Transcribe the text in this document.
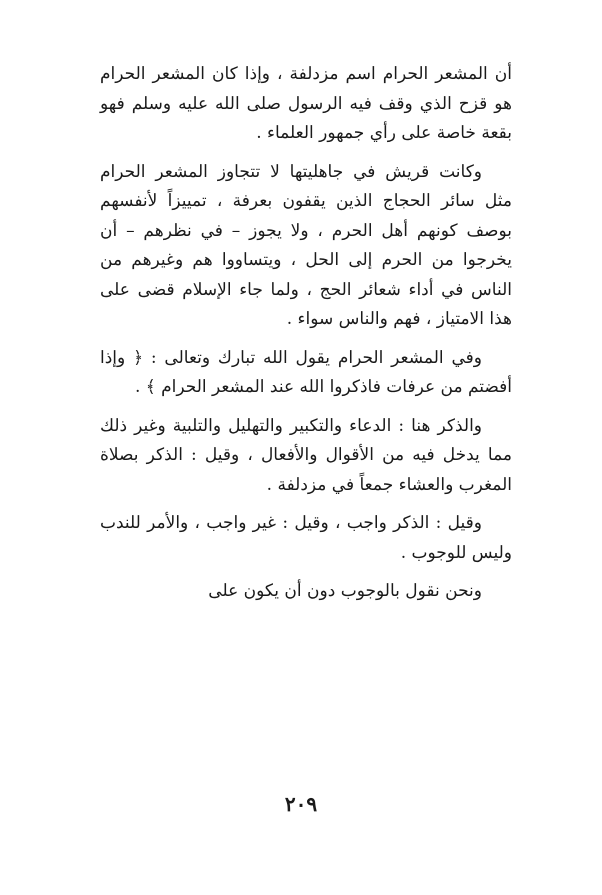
أن المشعر الحرام اسم مزدلفة ، وإذا كان المشعر الحرام هو قزح الذي وقف فيه الرسول صلى الله عليه وسلم فهو بقعة خاصة على رأي جمهور العلماء .

وكانت قريش في جاهليتها لا تتجاوز المشعر الحرام مثل سائر الحجاج الذين يقفون بعرفة ، تمييزاً لأنفسهم بوصف كونهم أهل الحرم ، ولا يجوز – في نظرهم – أن يخرجوا من الحرم إلى الحل ، ويتساووا هم وغيرهم من الناس في أداء شعائر الحج ، ولما جاء الإسلام قضى على هذا الامتياز ، فهم والناس سواء .

وفي المشعر الحرام يقول الله تبارك وتعالى : ﴿ وإذا أفضتم من عرفات فاذكروا الله عند المشعر الحرام ﴾ .

والذكر هنا : الدعاء والتكبير والتهليل والتلبية وغير ذلك مما يدخل فيه من الأقوال والأفعال ، وقيل : الذكر بصلاة المغرب والعشاء جمعاً في مزدلفة .

وقيل : الذكر واجب ، وقيل : غير واجب ، والأمر للندب وليس للوجوب .

ونحن نقول بالوجوب دون أن يكون على

٢٠٩
